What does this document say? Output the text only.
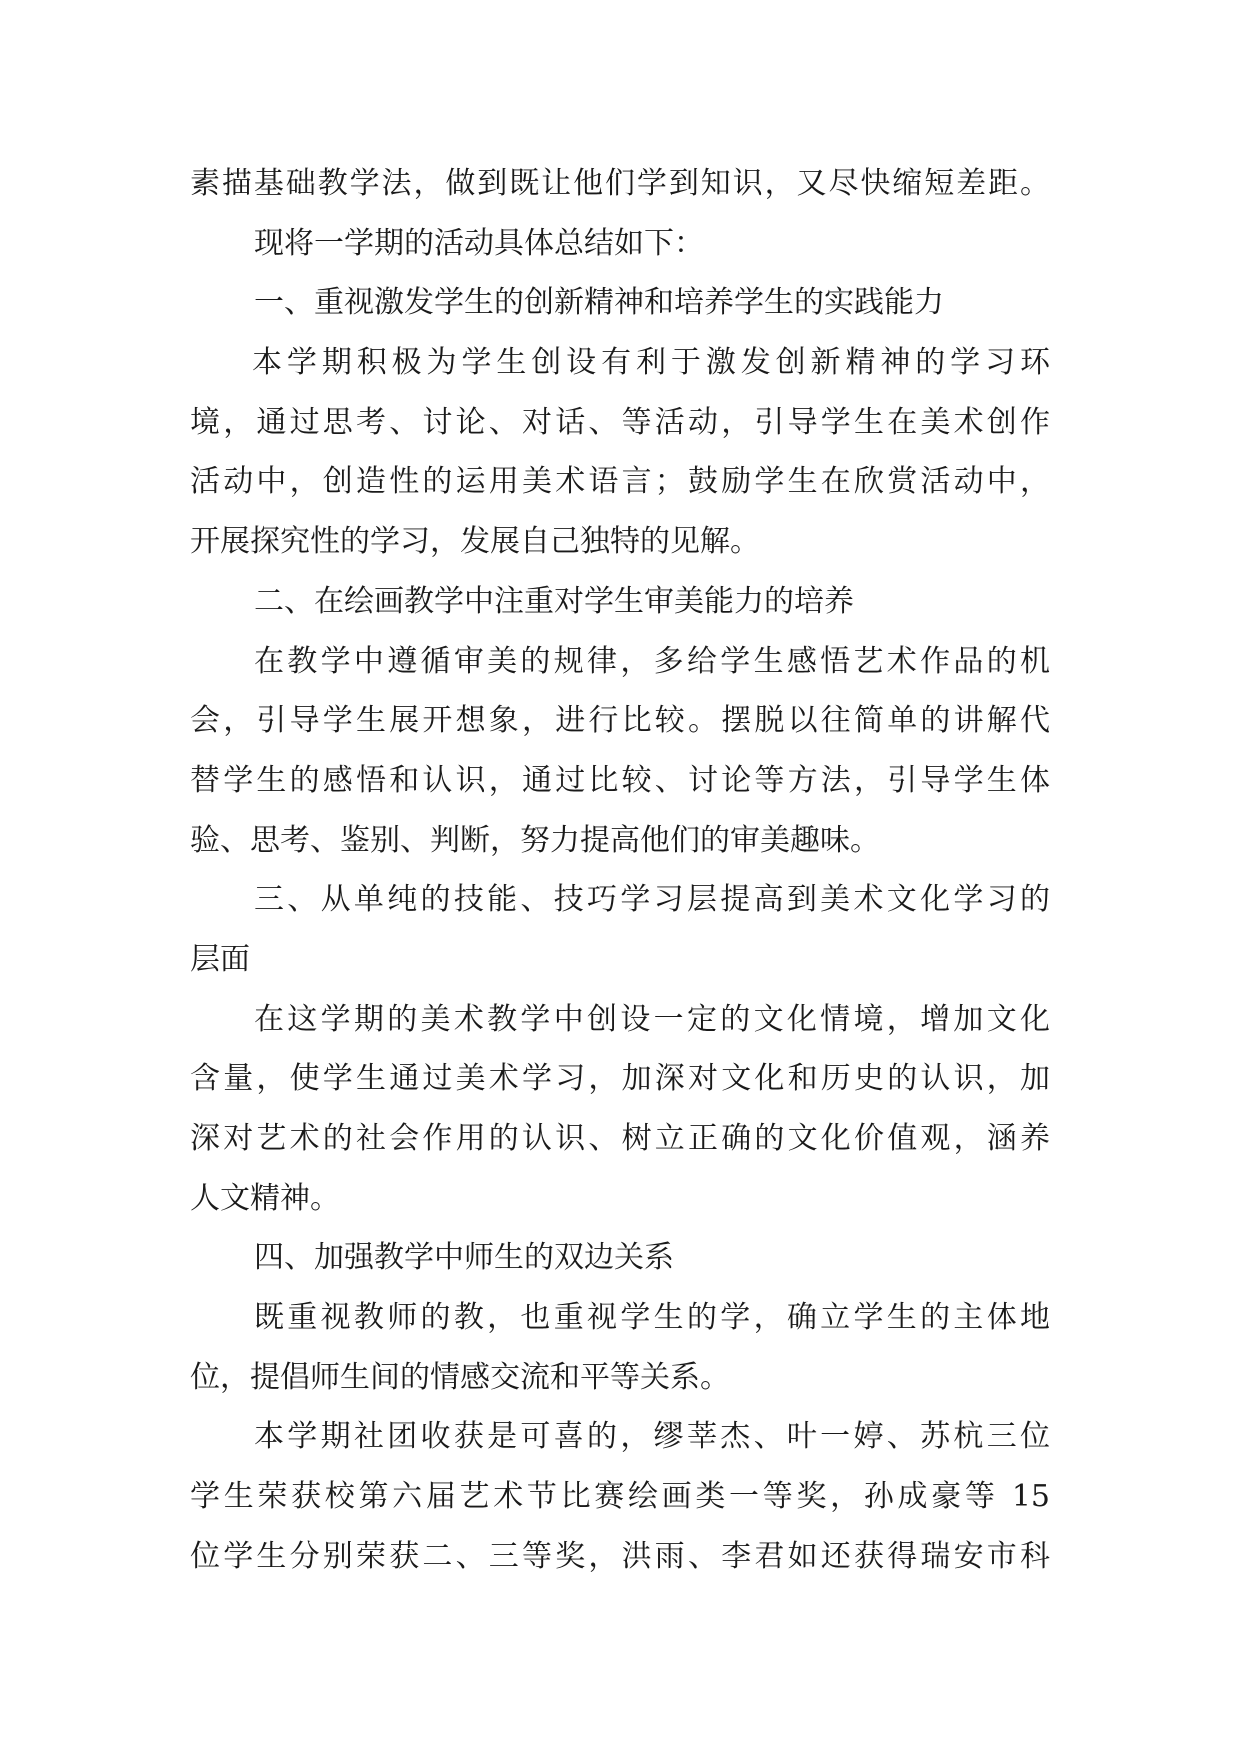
素描基础教学法，做到既让他们学到知识，又尽快缩短差距。
现将一学期的活动具体总结如下：
一、重视激发学生的创新精神和培养学生的实践能力
本学期积极为学生创设有利于激发创新精神的学习环
境，通过思考、讨论、对话、等活动，引导学生在美术创作
活动中，创造性的运用美术语言；鼓励学生在欣赏活动中，
开展探究性的学习，发展自己独特的见解。
二、在绘画教学中注重对学生审美能力的培养
在教学中遵循审美的规律，多给学生感悟艺术作品的机
会，引导学生展开想象，进行比较。摆脱以往简单的讲解代
替学生的感悟和认识，通过比较、讨论等方法，引导学生体
验、思考、鉴别、判断，努力提高他们的审美趣味。
三、从单纯的技能、技巧学习层提高到美术文化学习的
层面
在这学期的美术教学中创设一定的文化情境，增加文化
含量，使学生通过美术学习，加深对文化和历史的认识，加
深对艺术的社会作用的认识、树立正确的文化价值观，涵养
人文精神。
四、加强教学中师生的双边关系
既重视教师的教，也重视学生的学，确立学生的主体地
位，提倡师生间的情感交流和平等关系。
本学期社团收获是可喜的，缪莘杰、叶一婷、苏杭三位
学生荣获校第六届艺术节比赛绘画类一等奖，孙成豪等 15
位学生分别荣获二、三等奖，洪雨、李君如还获得瑞安市科
